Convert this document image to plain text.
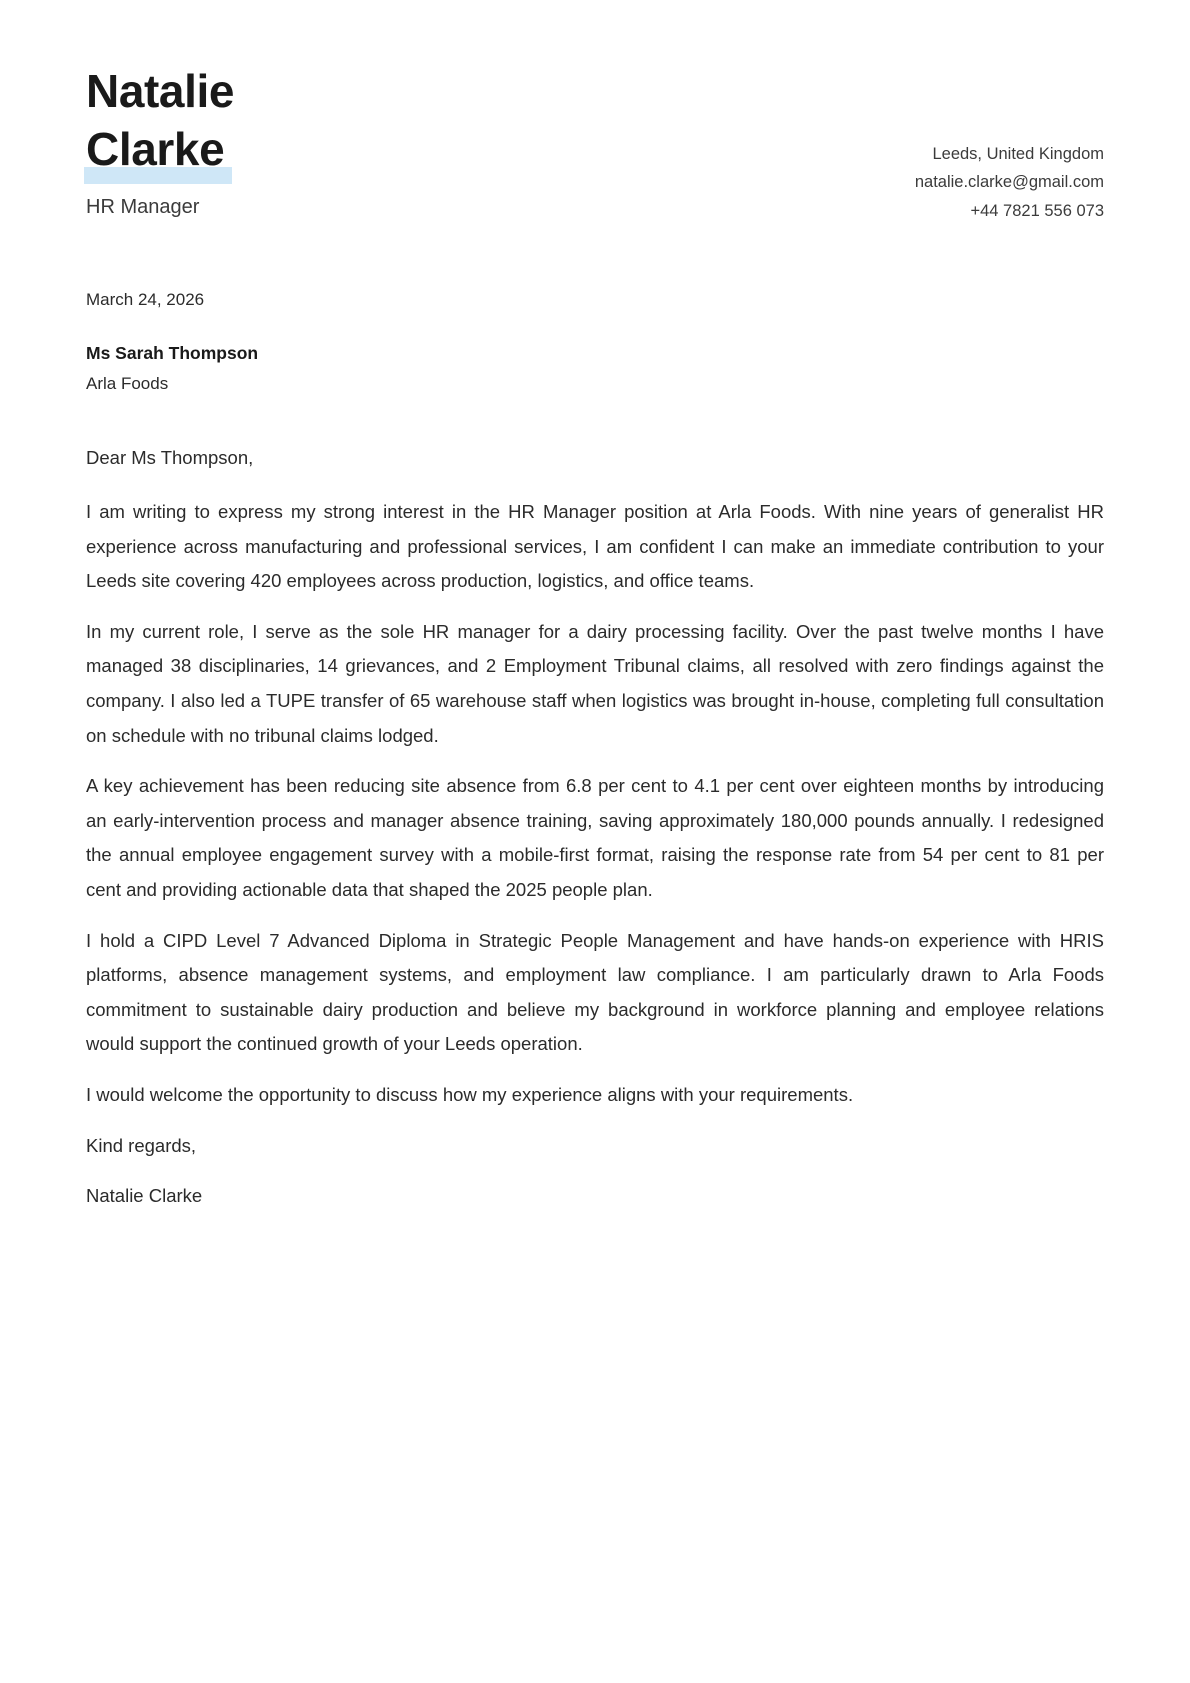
Natalie
Clarke
HR Manager
Leeds, United Kingdom
natalie.clarke@gmail.com
+44 7821 556 073
March 24, 2026
Ms Sarah Thompson
Arla Foods
Dear Ms Thompson,

I am writing to express my strong interest in the HR Manager position at Arla Foods. With nine years of generalist HR experience across manufacturing and professional services, I am confident I can make an immediate contribution to your Leeds site covering 420 employees across production, logistics, and office teams.

In my current role, I serve as the sole HR manager for a dairy processing facility. Over the past twelve months I have managed 38 disciplinaries, 14 grievances, and 2 Employment Tribunal claims, all resolved with zero findings against the company. I also led a TUPE transfer of 65 warehouse staff when logistics was brought in-house, completing full consultation on schedule with no tribunal claims lodged.

A key achievement has been reducing site absence from 6.8 per cent to 4.1 per cent over eighteen months by introducing an early-intervention process and manager absence training, saving approximately 180,000 pounds annually. I redesigned the annual employee engagement survey with a mobile-first format, raising the response rate from 54 per cent to 81 per cent and providing actionable data that shaped the 2025 people plan.

I hold a CIPD Level 7 Advanced Diploma in Strategic People Management and have hands-on experience with HRIS platforms, absence management systems, and employment law compliance. I am particularly drawn to Arla Foods commitment to sustainable dairy production and believe my background in workforce planning and employee relations would support the continued growth of your Leeds operation.

I would welcome the opportunity to discuss how my experience aligns with your requirements.

Kind regards,

Natalie Clarke
